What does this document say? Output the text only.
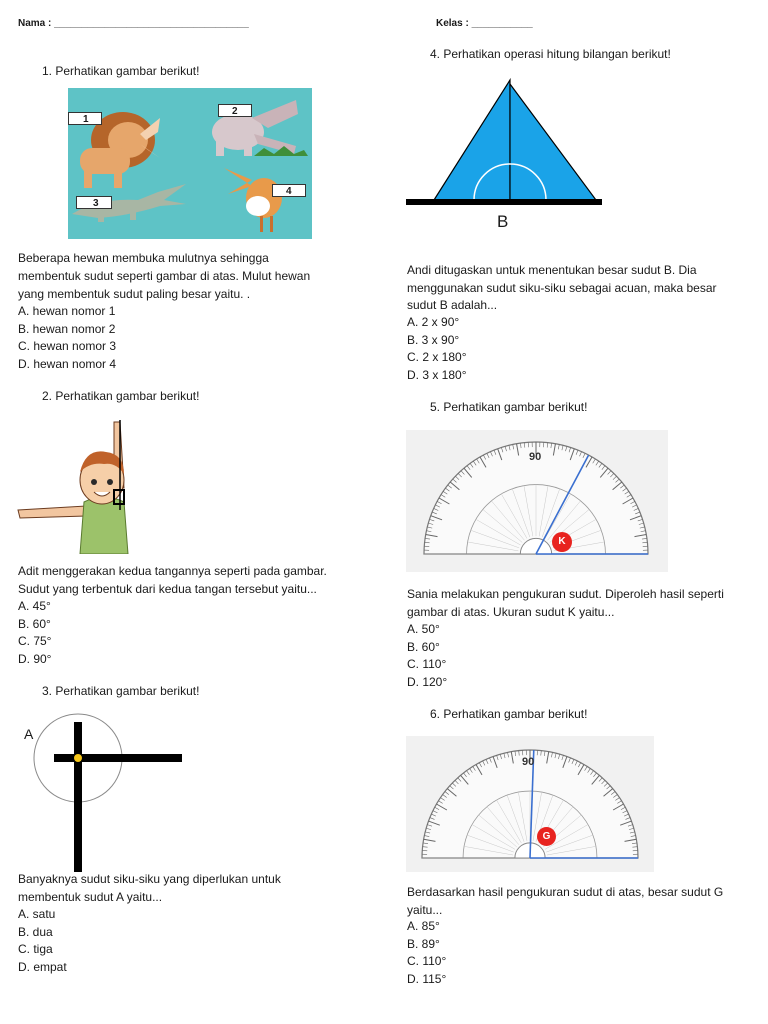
Nama : ___________________________________	Kelas : ___________
1. Perhatikan gambar berikut!
1
2
3
4
Beberapa hewan membuka mulutnya sehingga
membentuk sudut seperti gambar di atas. Mulut hewan
yang membentuk sudut paling besar yaitu. .
A. hewan nomor 1
B. hewan nomor 2
C. hewan nomor 3
D. hewan nomor 4
2. Perhatikan gambar berikut!
Adit menggerakan kedua tangannya seperti pada gambar.
Sudut yang terbentuk dari kedua tangan tersebut yaitu...
A. 45°
B. 60°
C. 75°
D. 90°
3. Perhatikan gambar berikut!
A
Banyaknya sudut siku-siku yang diperlukan untuk
membentuk sudut A yaitu...
A. satu
B. dua
C. tiga
D. empat
4. Perhatikan operasi hitung bilangan berikut!
B
Andi ditugaskan untuk menentukan besar sudut B. Dia
menggunakan sudut siku-siku sebagai acuan, maka besar
sudut B adalah...
A. 2 x 90°
B. 3 x 90°
C. 2 x 180°
D. 3 x 180°
5. Perhatikan gambar berikut!
90
K
Sania melakukan pengukuran sudut. Diperoleh hasil seperti
gambar di atas. Ukuran sudut K yaitu...
A. 50°
B. 60°
C. 110°
D. 120°
6. Perhatikan gambar berikut!
90
G
Berdasarkan hasil pengukuran sudut di atas, besar sudut G
yaitu...
A. 85°
B. 89°
C. 110°
D. 115°
